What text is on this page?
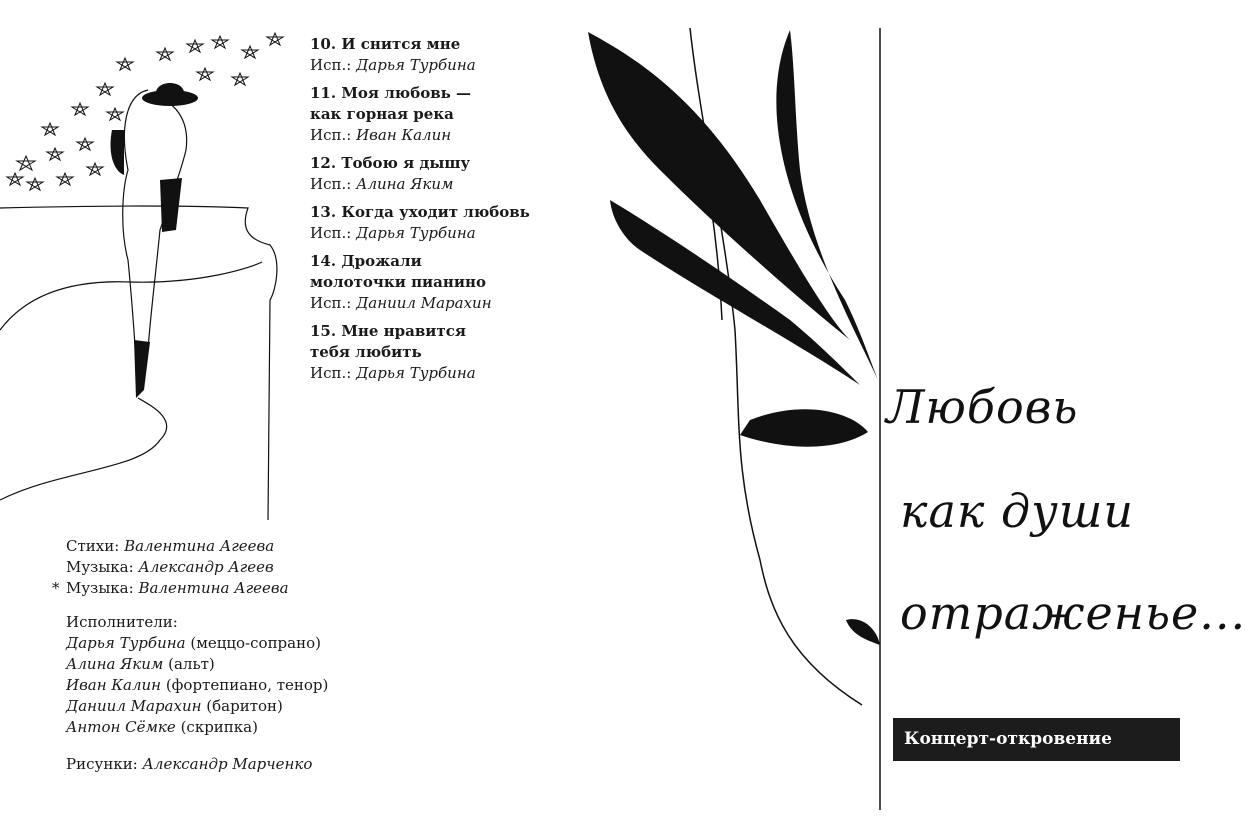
10. И снится мне
Исп.: Дарья Турбина
11. Моя любовь —
как горная река
Исп.: Иван Калин
12. Тобою я дышу
Исп.: Алина Яким
13. Когда уходит любовь
Исп.: Дарья Турбина
14. Дрожали
молоточки пианино
Исп.: Даниил Марахин
15. Мне нравится
тебя любить
Исп.: Дарья Турбина
Стихи: Валентина Агеева
Музыка: Александр Агеев
* Музыка: Валентина Агеева
Исполнители:
Дарья Турбина (меццо-сопрано)
Алина Яким (альт)
Иван Калин (фортепиано, тенор)
Даниил Марахин (баритон)
Антон Сёмке (скрипка)
Рисунки: Александр Марченко
Любовь
как души
отраженье...
Концерт-откровение
